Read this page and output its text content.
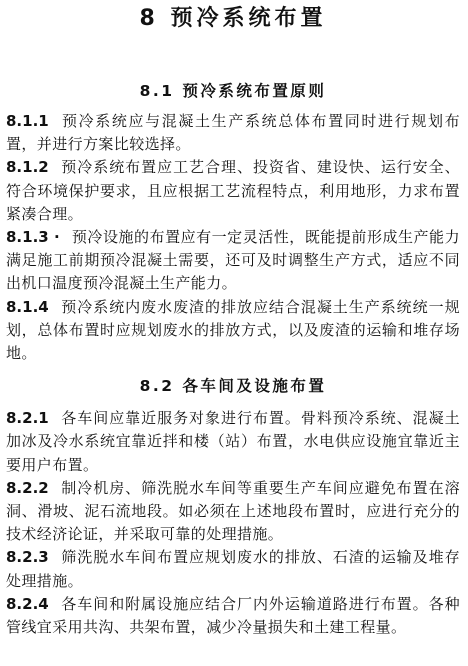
8 预冷系统布置
8.1 预冷系统布置原则

8.1.1 预冷系统应与混凝土生产系统总体布置同时进行规划布置，并进行方案比较选择。

8.1.2 预冷系统布置应工艺合理、投资省、建设快、运行安全、符合环境保护要求，且应根据工艺流程特点，利用地形，力求布置紧凑合理。

8.1.3 · 预冷设施的布置应有一定灵活性，既能提前形成生产能力满足施工前期预冷混凝土需要，还可及时调整生产方式，适应不同出机口温度预冷混凝土生产能力。

8.1.4 预冷系统内废水废渣的排放应结合混凝土生产系统统一规划，总体布置时应规划废水的排放方式，以及废渣的运输和堆存场地。

8.2 各车间及设施布置

8.2.1 各车间应靠近服务对象进行布置。骨料预冷系统、混凝土加冰及冷水系统宜靠近拌和楼（站）布置，水电供应设施宜靠近主要用户布置。

8.2.2 制冷机房、筛洗脱水车间等重要生产车间应避免布置在溶洞、滑坡、泥石流地段。如必须在上述地段布置时，应进行充分的技术经济论证，并采取可靠的处理措施。

8.2.3 筛洗脱水车间布置应规划废水的排放、石渣的运输及堆存处理措施。

8.2.4 各车间和附属设施应结合厂内外运输道路进行布置。各种管线宜采用共沟、共架布置，减少冷量损失和土建工程量。
